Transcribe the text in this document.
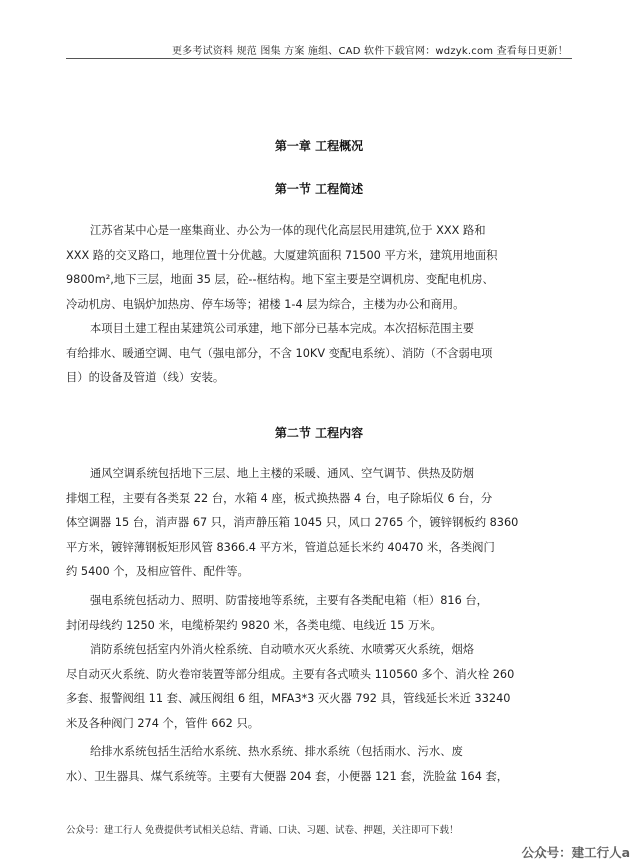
更多考试资料 规范 图集 方案 施组、CAD 软件下载官网：wdzyk.com 查看每日更新！
第一章 工程概况
第一节 工程简述
江苏省某中心是一座集商业、办公为一体的现代化高层民用建筑,位于 XXX 路和
XXX 路的交叉路口，地理位置十分优越。大厦建筑面积 71500 平方米，建筑用地面积
9800m²,地下三层，地面 35 层，砼--框结构。地下室主要是空调机房、变配电机房、
冷动机房、电锅炉加热房、停车场等；裙楼 1-4 层为综合，主楼为办公和商用。
本项目土建工程由某建筑公司承建，地下部分已基本完成。本次招标范围主要
有给排水、暖通空调、电气（强电部分，不含 10KV 变配电系统）、消防（不含弱电项
目）的设备及管道（线）安装。
第二节 工程内容
通风空调系统包括地下三层、地上主楼的采暖、通风、空气调节、供热及防烟
排烟工程，主要有各类泵 22 台，水箱 4 座，板式换热器 4 台，电子除垢仪 6 台，分
体空调器 15 台，消声器 67 只，消声静压箱 1045 只，风口 2765 个，镀锌钢板约 8360
平方米，镀锌薄钢板矩形风管 8366.4 平方米，管道总延长米约 40470 米，各类阀门
约 5400 个，及相应管件、配件等。
强电系统包括动力、照明、防雷接地等系统，主要有各类配电箱（柜）816 台，
封闭母线约 1250 米，电缆桥架约 9820 米，各类电缆、电线近 15 万米。
消防系统包括室内外消火栓系统、自动喷水灭火系统、水喷雾灭火系统，烟烙
尽自动灭火系统、防火卷帘装置等部分组成。主要有各式喷头 110560 多个、消火栓 260
多套、报警阀组 11 套、减压阀组 6 组，MFA3*3 灭火器 792 具，管线延长米近 33240
米及各种阀门 274 个，管件 662 只。
给排水系统包括生活给水系统、热水系统、排水系统（包括雨水、污水、废
水）、卫生器具、煤气系统等。主要有大便器 204 套，小便器 121 套，洗脸盆 164 套，
公众号：建工行人 免费提供考试相关总结、背诵、口诀、习题、试卷、押题，关注即可下载！
公众号：建工行人a
